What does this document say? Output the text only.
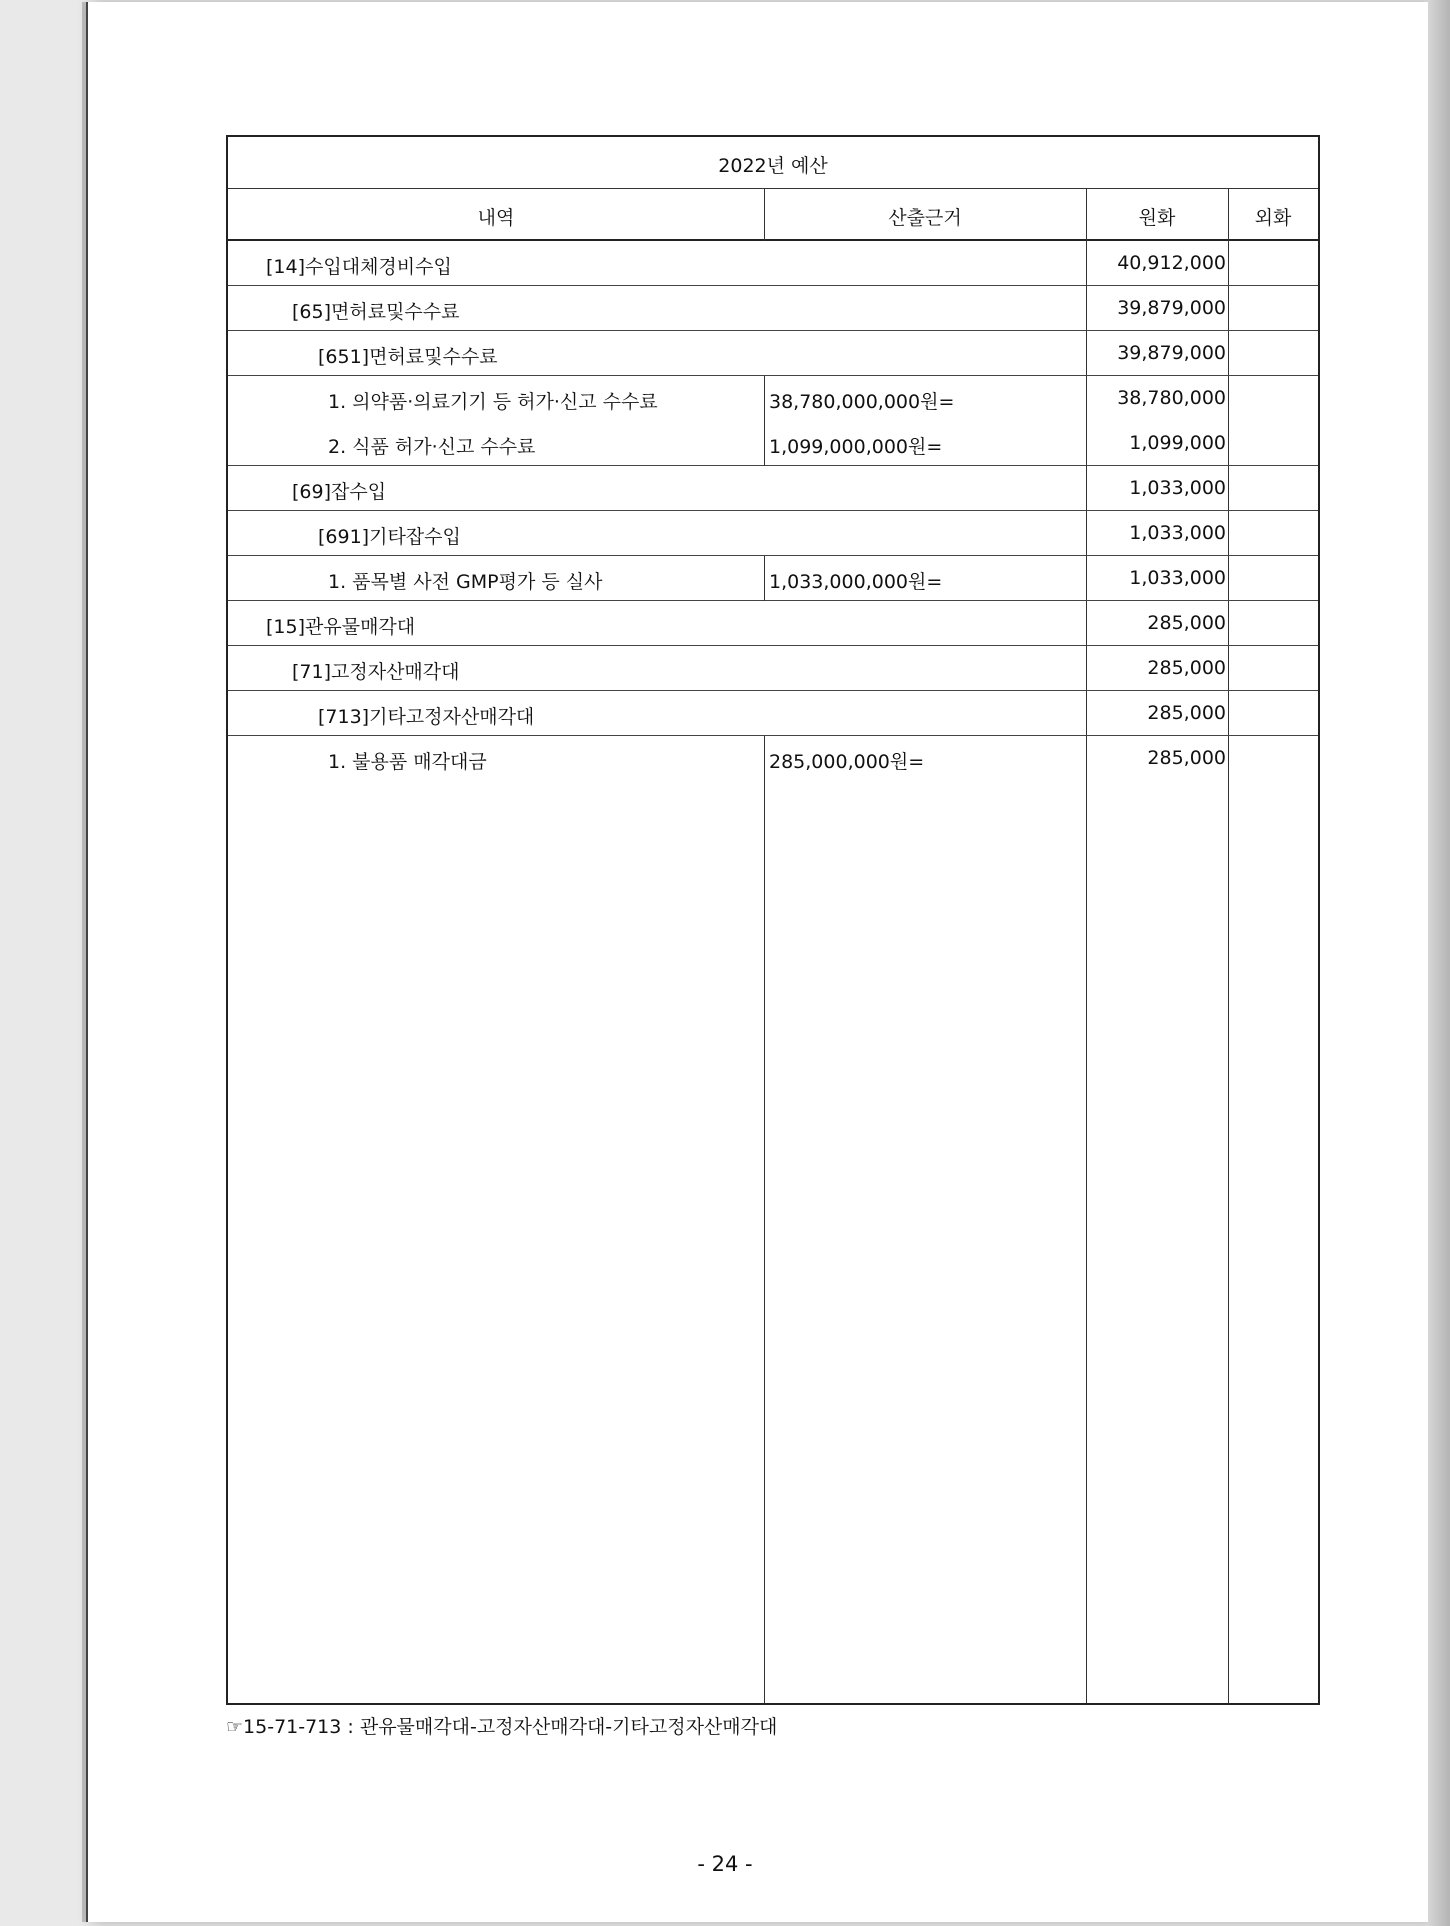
2022년 예산
내역	산출근거	원화	외화
[14]수입대체경비수입	40,912,000
[65]면허료및수수료	39,879,000
[651]면허료및수수료	39,879,000
1. 의약품·의료기기 등 허가·신고 수수료	38,780,000,000원=	38,780,000
2. 식품 허가·신고 수수료	1,099,000,000원=	1,099,000
[69]잡수입	1,033,000
[691]기타잡수입	1,033,000
1. 품목별 사전 GMP평가 등 실사	1,033,000,000원=	1,033,000
[15]관유물매각대	285,000
[71]고정자산매각대	285,000
[713]기타고정자산매각대	285,000
1. 불용품 매각대금	285,000,000원=	285,000
☞15-71-713 : 관유물매각대-고정자산매각대-기타고정자산매각대
- 24 -
